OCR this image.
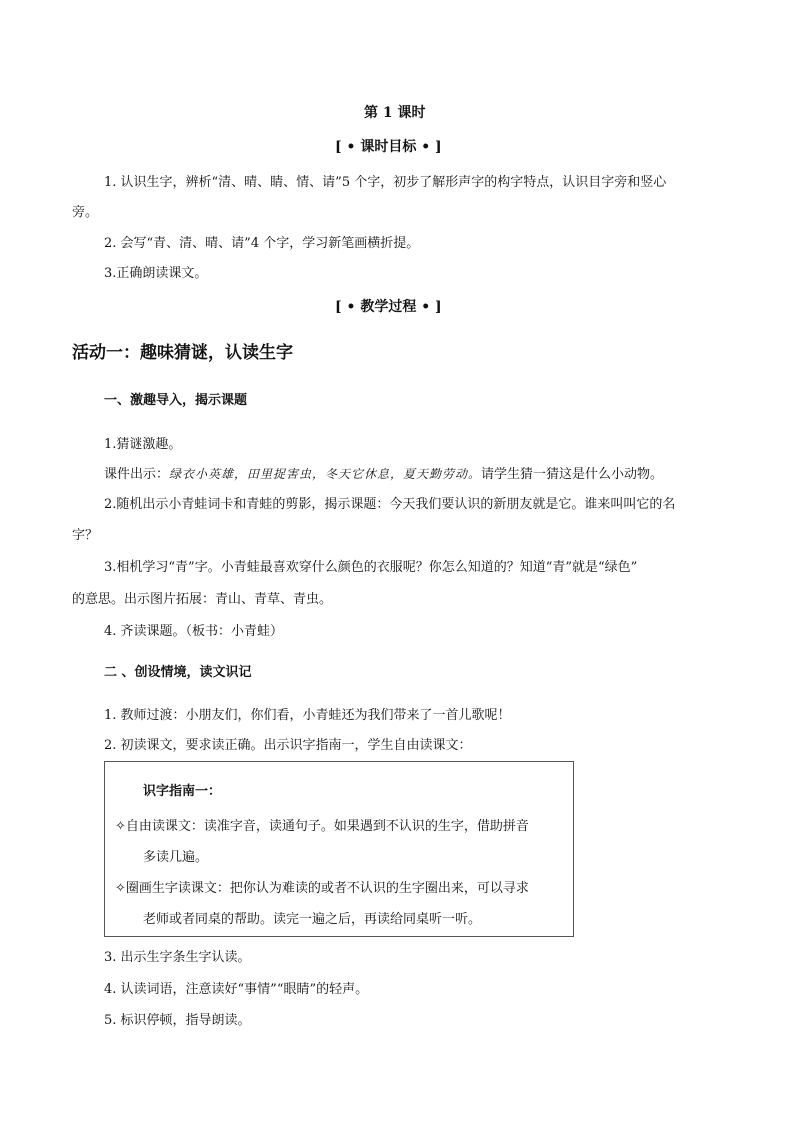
第 1 课时
[ • 课时目标 • ]
1. 认识生字，辨析“清、晴、睛、情、请”5 个字，初步了解形声字的构字特点，认识目字旁和竖心
旁。
2. 会写“青、清、晴、请”4 个字，学习新笔画横折提。
3.正确朗读课文。
[ • 教学过程 • ]
活动一：趣味猜谜，认读生字
一、激趣导入，揭示课题
1.猜谜激趣。
课件出示：绿衣小英雄，田里捉害虫，冬天它休息，夏天勤劳动。请学生猜一猜这是什么小动物。
2.随机出示小青蛙词卡和青蛙的剪影，揭示课题：今天我们要认识的新朋友就是它。谁来叫叫它的名
字？
3.相机学习“青”字。小青蛙最喜欢穿什么颜色的衣服呢？你怎么知道的？知道“青”就是“绿色”
的意思。出示图片拓展：青山、青草、青虫。
4. 齐读课题。（板书：小青蛙）
二 、创设情境，读文识记
1. 教师过渡：小朋友们，你们看，小青蛙还为我们带来了一首儿歌呢！
2. 初读课文，要求读正确。出示识字指南一，学生自由读课文：
识字指南一：
✧自由读课文：读准字音，读通句子。如果遇到不认识的生字，借助拼音
多读几遍。
✧圈画生字读课文：把你认为难读的或者不认识的生字圈出来，可以寻求
老师或者同桌的帮助。读完一遍之后，再读给同桌听一听。
3. 出示生字条生字认读。
4. 认读词语，注意读好“事情”“眼睛”的轻声。
5. 标识停顿，指导朗读。
